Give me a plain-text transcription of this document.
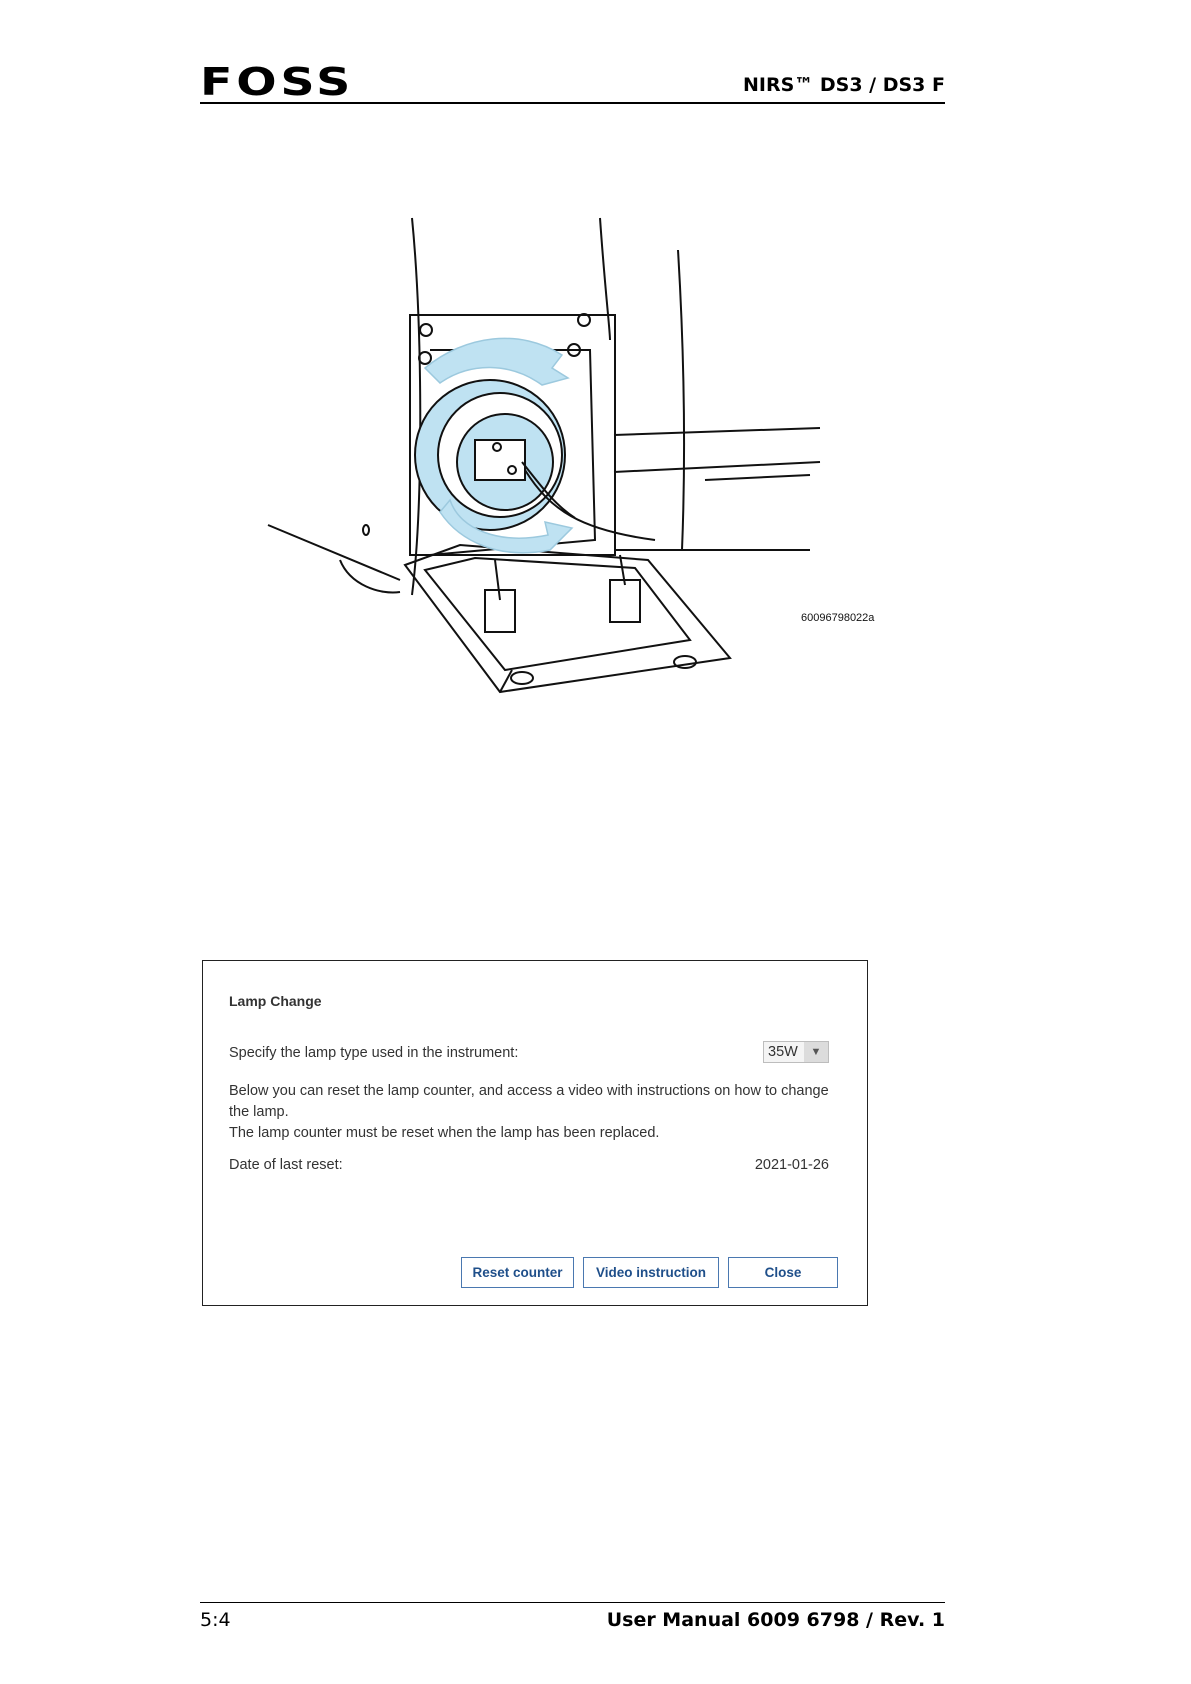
FOSS	NIRS™ DS3 / DS3 F
60096798022a
Lamp Change
Specify the lamp type used in the instrument:	35W	▼

Below you can reset the lamp counter, and access a video with instructions on how to change the lamp.

The lamp counter must be reset when the lamp has been replaced.

Date of last reset:	2021-01-26
Reset counter	Video instruction	Close
5:4	User Manual 6009 6798 / Rev. 1
